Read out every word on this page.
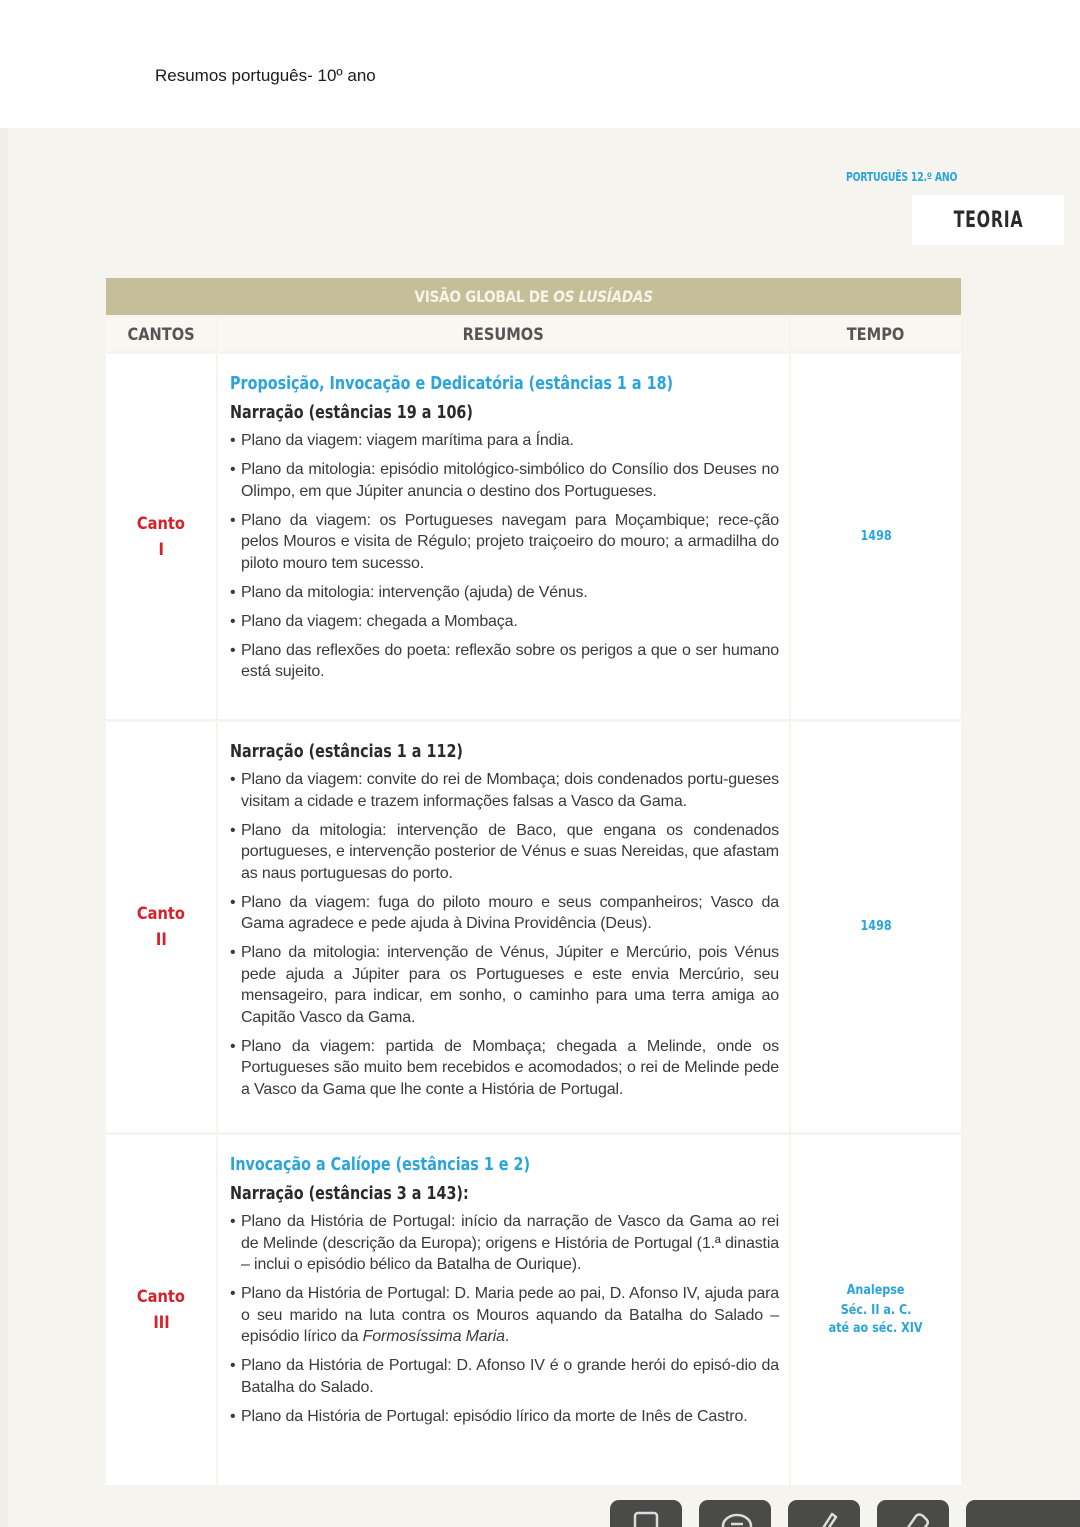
Resumos português- 10º ano
PORTUGUÊS 12.º ANO
TEORIA
VISÃO GLOBAL DE OS LUSÍADAS
CANTOS	RESUMOS	TEMPO
Canto
I
Proposição, Invocação e Dedicatória (estâncias 1 a 18)
Narração (estâncias 19 a 106)
• Plano da viagem: viagem marítima para a Índia.
• Plano da mitologia: episódio mitológico-simbólico do Consílio dos Deuses no Olimpo, em que Júpiter anuncia o destino dos Portugueses.
• Plano da viagem: os Portugueses navegam para Moçambique; rece-ção pelos Mouros e visita de Régulo; projeto traiçoeiro do mouro; a armadilha do piloto mouro tem sucesso.
• Plano da mitologia: intervenção (ajuda) de Vénus.
• Plano da viagem: chegada a Mombaça.
• Plano das reflexões do poeta: reflexão sobre os perigos a que o ser humano está sujeito.
1498
Canto
II
Narração (estâncias 1 a 112)
• Plano da viagem: convite do rei de Mombaça; dois condenados portu-gueses visitam a cidade e trazem informações falsas a Vasco da Gama.
• Plano da mitologia: intervenção de Baco, que engana os condenados portugueses, e intervenção posterior de Vénus e suas Nereidas, que afastam as naus portuguesas do porto.
• Plano da viagem: fuga do piloto mouro e seus companheiros; Vasco da Gama agradece e pede ajuda à Divina Providência (Deus).
• Plano da mitologia: intervenção de Vénus, Júpiter e Mercúrio, pois Vénus pede ajuda a Júpiter para os Portugueses e este envia Mercúrio, seu mensageiro, para indicar, em sonho, o caminho para uma terra amiga ao Capitão Vasco da Gama.
• Plano da viagem: partida de Mombaça; chegada a Melinde, onde os Portugueses são muito bem recebidos e acomodados; o rei de Melinde pede a Vasco da Gama que lhe conte a História de Portugal.
1498
Canto
III
Invocação a Calíope (estâncias 1 e 2)
Narração (estâncias 3 a 143):
• Plano da História de Portugal: início da narração de Vasco da Gama ao rei de Melinde (descrição da Europa); origens e História de Portugal (1.ª dinastia – inclui o episódio bélico da Batalha de Ourique).
• Plano da História de Portugal: D. Maria pede ao pai, D. Afonso IV, ajuda para o seu marido na luta contra os Mouros aquando da Batalha do Salado – episódio lírico da Formosíssima Maria.
• Plano da História de Portugal: D. Afonso IV é o grande herói do episó-dio da Batalha do Salado.
• Plano da História de Portugal: episódio lírico da morte de Inês de Castro.
Analepse
Séc. II a. C.
até ao séc. XIV
